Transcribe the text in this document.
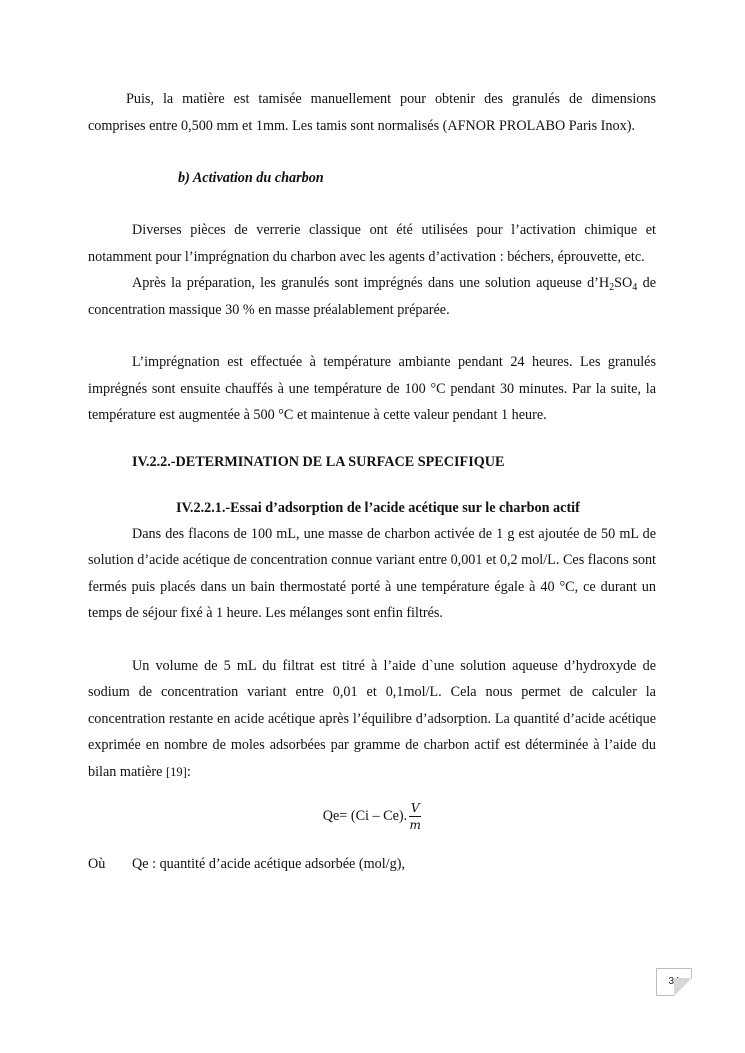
Puis, la matière est tamisée manuellement pour obtenir des granulés de dimensions comprises entre 0,500 mm et 1mm. Les tamis sont normalisés (AFNOR PROLABO Paris Inox).

b) Activation du charbon

Diverses pièces de verrerie classique ont été utilisées pour l’activation chimique et notamment pour l’imprégnation du charbon avec les agents d’activation : béchers, éprouvette, etc.

Après la préparation, les granulés sont imprégnés dans une solution aqueuse $d’H_2SO_4$ de concentration massique 30 % en masse préalablement préparée.

L’imprégnation est effectuée à température ambiante pendant 24 heures. Les granulés imprégnés sont ensuite chauffés à une température de 100 °C pendant 30 minutes. Par la suite, la température est augmentée à 500 °C et maintenue à cette valeur pendant 1 heure.

IV.2.2.-DETERMINATION DE LA SURFACE SPECIFIQUE
IV.2.2.1.-Essai d’adsorption de l’acide acétique sur le charbon actif

Dans des flacons de 100 mL, une masse de charbon activée de 1 g est ajoutée de 50 mL de solution d’acide acétique de concentration connue variant entre 0,001 et 0,2 mol/L. Ces flacons sont fermés puis placés dans un bain thermostaté porté à une température égale à 40 °C, ce durant un temps de séjour fixé à 1 heure. Les mélanges sont enfin filtrés.

Un volume de 5 mL du filtrat est titré à l’aide d`une solution aqueuse d’hydroxyde de sodium de concentration variant entre 0,01 et 0,1mol/L. Cela nous permet de calculer la concentration restante en acide acétique après l’équilibre d’adsorption. La quantité d’acide acétique exprimée en nombre de moles adsorbées par gramme de charbon actif est déterminée à l’aide du bilan matière [19]:

Qe= (Ci – Ce). $\frac{V}{m}$
Où	Qe : quantité d’acide acétique adsorbée (mol/g),
34
